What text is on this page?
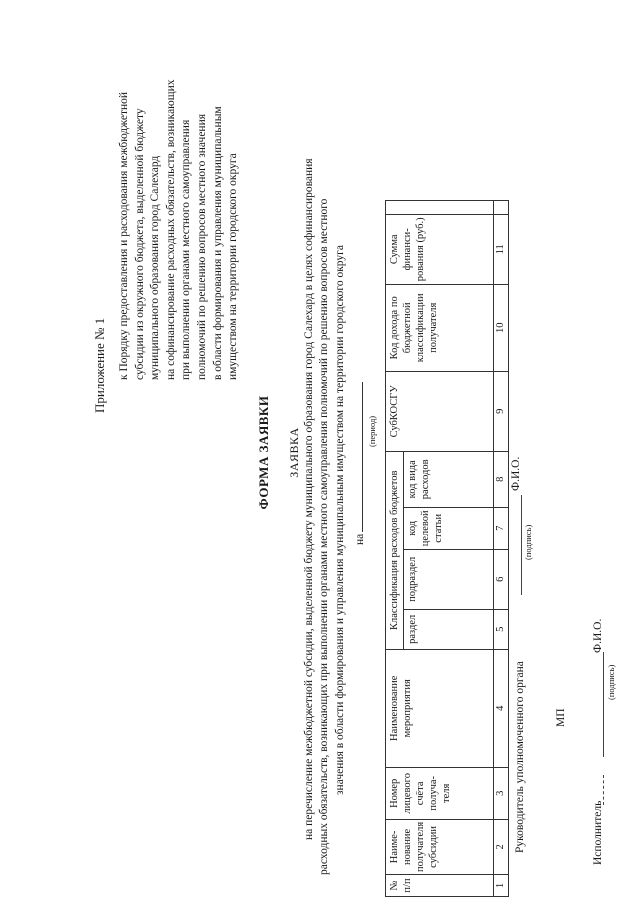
Приложение № 1 к Порядку предоставления и расходования межбюджетной субсидии из окружного бюджета, выделенной бюджету муниципального образования город Салехард на софинансирование расходных обязательств, возникающих при выполнении органами местного самоуправления полномочий по решению вопросов местного значения в области формирования и управления муниципальным имуществом на территории городского округа
ФОРМА ЗАЯВКИ ЗАЯВКА на перечисление межбюджетной субсидии, выделенной бюджету муниципального образования город Салехард в целях софинансирования расходных обязательств, возникающих при выполнении органами местного самоуправления полномочий по решению вопросов местного значения в области формирования и управления муниципальным имуществом на территории городского округа на
(период)
№ п/п	Наиме-нование получателя субсидии	Номер лицевого счёта получа-теля	Наименование мероприятия	Классификация расходов бюджетов				СубКОСГУ	Код дохода по бюджетной классификации получателя	Сумма финанси-рования (руб.)	
				раздел	подраздел	код целевой статьи	код вида расходов				
1	2	3	4	5	6	7	8	9	10	11	
Руководитель уполномоченного органа
(подпись)
Ф.И.О.
МП
Исполнитель
(подпись)
Ф.И.О.
